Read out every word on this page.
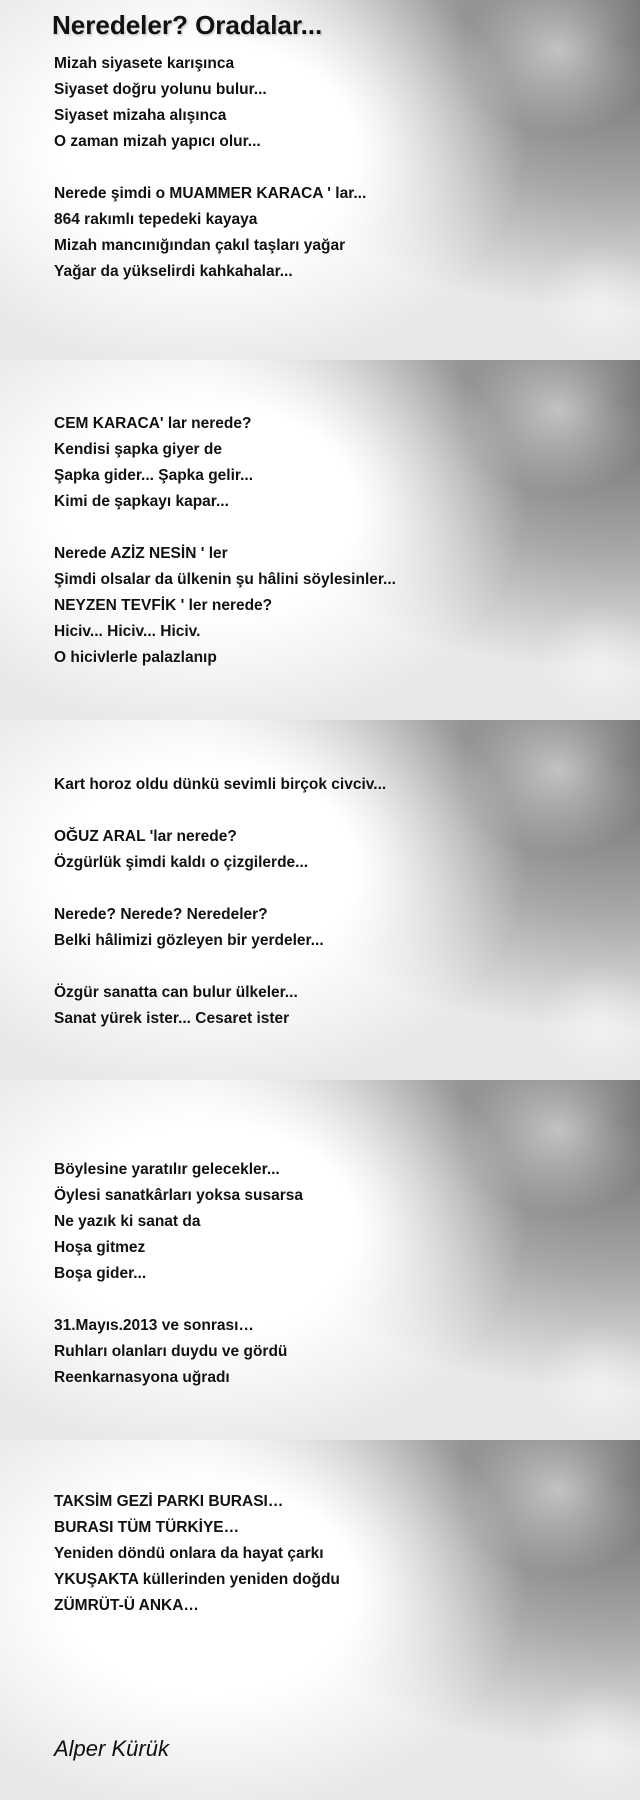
Neredeler? Oradalar...
Mizah siyasete karışınca
Siyaset doğru yolunu bulur...
Siyaset mizaha alışınca
O zaman mizah yapıcı olur...
Nerede şimdi o MUAMMER KARACA ' lar...
864 rakımlı tepedeki kayaya
Mizah mancınığından çakıl taşları yağar
Yağar da yükselirdi kahkahalar...
CEM KARACA' lar nerede?
Kendisi şapka giyer de
Şapka gider... Şapka gelir...
Kimi de şapkayı kapar...
Nerede AZİZ NESİN ' ler
Şimdi olsalar da ülkenin şu hâlini söylesinler...
NEYZEN TEVFİK ' ler nerede?
Hiciv... Hiciv... Hiciv.
O hicivlerle palazlanıp
Kart horoz oldu dünkü sevimli birçok civciv...
OĞUZ ARAL 'lar nerede?
Özgürlük şimdi kaldı o çizgilerde...
Nerede? Nerede? Neredeler?
Belki hâlimizi gözleyen bir yerdeler...
Özgür sanatta can bulur ülkeler...
Sanat yürek ister... Cesaret ister
Böylesine yaratılır gelecekler...
Öylesi sanatkârları yoksa susarsa
Ne yazık ki sanat da
Hoşa gitmez
Boşa gider...
31.Mayıs.2013 ve sonrası…
Ruhları olanları duydu ve gördü
Reenkarnasyona uğradı
TAKSİM GEZİ PARKI BURASI…
BURASI TÜM TÜRKİYE…
Yeniden döndü onlara da hayat çarkı
YKUŞAKTA küllerinden yeniden doğdu
ZÜMRÜT-Ü ANKA…

Alper Kürük
